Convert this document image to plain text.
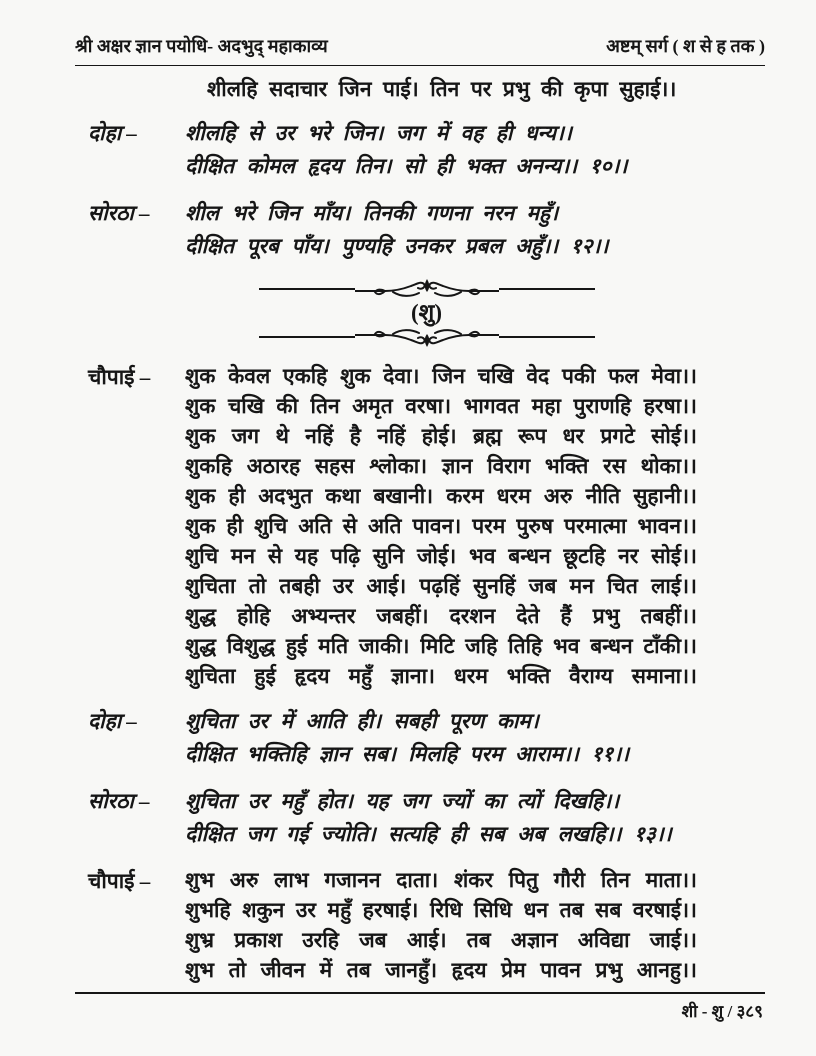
श्री अक्षर ज्ञान पयोधि- अदभुद् महाकाव्य	अष्टम् सर्ग ( श से ह तक )
शीलहि सदाचार जिन पाई। तिन पर प्रभु की कृपा सुहाई।।
दोहा –	शीलहि से उर भरे जिन। जग में वह ही धन्य।।
दीक्षित कोमल हृदय तिन। सो ही भक्त अनन्य।। १०।।
सोरठा –	शील भरे जिन माँय। तिनकी गणना नरन महुँ।
दीक्षित पूरब पाँय। पुण्यहि उनकर प्रबल अहुँ।। १२।।
(शु)
चौपाई –	शुक केवल एकहि शुक देवा। जिन चखि वेद पकी फल मेवा।।
शुक चखि की तिन अमृत वरषा। भागवत महा पुराणहि हरषा।।
शुक जग थे नहिं है नहिं होई। ब्रह्म रूप धर प्रगटे सोई।।
शुकहि अठारह सहस श्लोका। ज्ञान विराग भक्ति रस थोका।।
शुक ही अदभुत कथा बखानी। करम धरम अरु नीति सुहानी।।
शुक ही शुचि अति से अति पावन। परम पुरुष परमात्मा भावन।।
शुचि मन से यह पढ़ि सुनि जोई। भव बन्धन छूटहि नर सोई।।
शुचिता तो तबही उर आई। पढ़हिं सुनहिं जब मन चित लाई।।
शुद्ध होहि अभ्यन्तर जबहीं। दरशन देते हैं प्रभु तबहीं।।
शुद्ध विशुद्ध हुई मति जाकी। मिटि जहि तिहि भव बन्धन टाँकी।।
शुचिता हुई हृदय महुँ ज्ञाना। धरम भक्ति वैराग्य समाना।।
दोहा –	शुचिता उर में आति ही। सबही पूरण काम।
दीक्षित भक्तिहि ज्ञान सब। मिलहि परम आराम।। ११।।
सोरठा –	शुचिता उर महुँ होत। यह जग ज्यों का त्यों दिखहि।।
दीक्षित जग गई ज्योति। सत्यहि ही सब अब लखहि।। १३।।
चौपाई –	शुभ अरु लाभ गजानन दाता। शंकर पितु गौरी तिन माता।।
शुभहि शकुन उर महुँ हरषाई। रिधि सिधि धन तब सब वरषाई।।
शुभ्र प्रकाश उरहि जब आई। तब अज्ञान अविद्या जाई।।
शुभ तो जीवन में तब जानहुँ। हृदय प्रेम पावन प्रभु आनहु।।
शी - शु / ३८९
